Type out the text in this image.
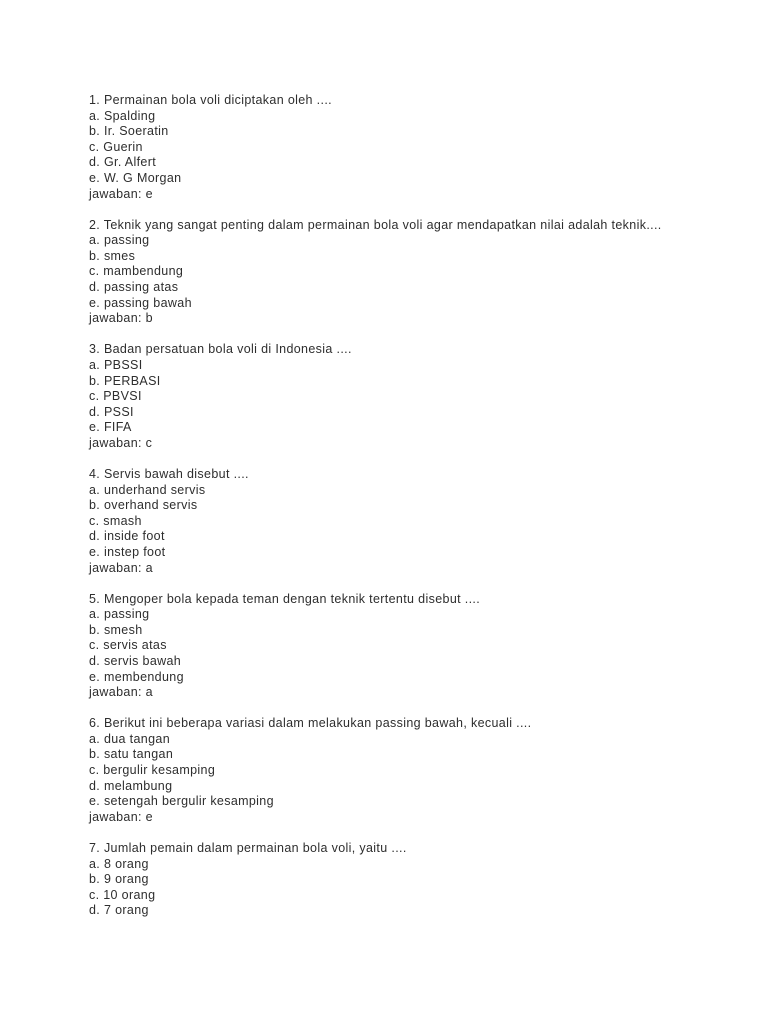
1. Permainan bola voli diciptakan oleh ....
a. Spalding
b. Ir. Soeratin
c. Guerin
d. Gr. Alfert
e. W. G Morgan
jawaban: e
2. Teknik yang sangat penting dalam permainan bola voli agar mendapatkan nilai adalah teknik....
a. passing
b. smes
c. mambendung
d. passing atas
e. passing bawah
jawaban: b
3. Badan persatuan bola voli di Indonesia ....
a. PBSSI
b. PERBASI
c. PBVSI
d. PSSI
e. FIFA
jawaban: c
4. Servis bawah disebut ....
a. underhand servis
b. overhand servis
c. smash
d. inside foot
e. instep foot
jawaban: a
5. Mengoper bola kepada teman dengan teknik tertentu disebut ....
a. passing
b. smesh
c. servis atas
d. servis bawah
e. membendung
jawaban: a
6. Berikut ini beberapa variasi dalam melakukan passing bawah, kecuali ....
a. dua tangan
b. satu tangan
c. bergulir kesamping
d. melambung
e. setengah bergulir kesamping
jawaban: e
7. Jumlah pemain dalam permainan bola voli, yaitu ....
a. 8 orang
b. 9 orang
c. 10 orang
d. 7 orang
